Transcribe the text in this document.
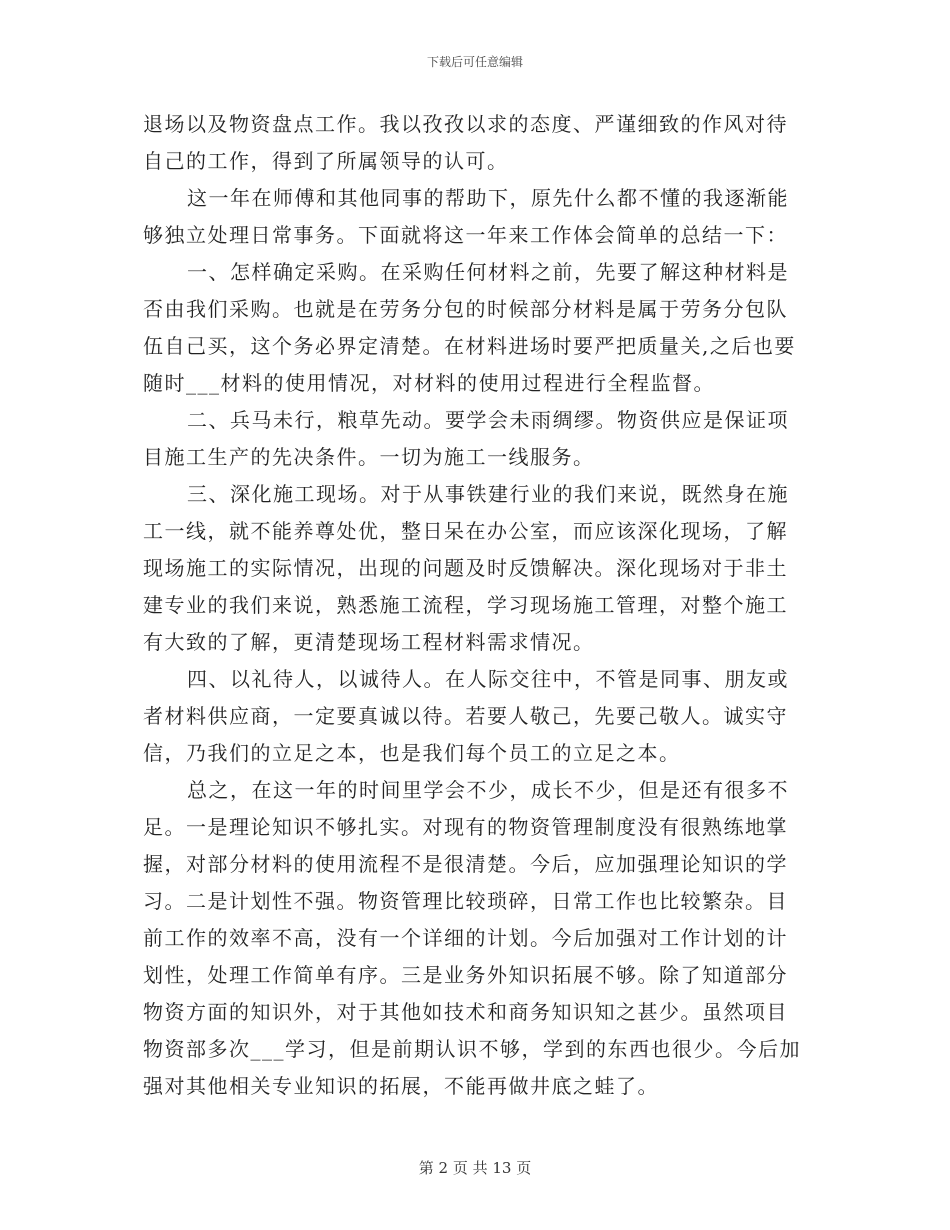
下载后可任意编辑
退场以及物资盘点工作。我以孜孜以求的态度、严谨细致的作风对待
自己的工作，得到了所属领导的认可。
这一年在师傅和其他同事的帮助下，原先什么都不懂的我逐渐能
够独立处理日常事务。下面就将这一年来工作体会简单的总结一下：
一、怎样确定采购。在采购任何材料之前，先要了解这种材料是
否由我们采购。也就是在劳务分包的时候部分材料是属于劳务分包队
伍自己买，这个务必界定清楚。在材料进场时要严把质量关,之后也要
随时___材料的使用情况，对材料的使用过程进行全程监督。
二、兵马未行，粮草先动。要学会未雨绸缪。物资供应是保证项
目施工生产的先决条件。一切为施工一线服务。
三、深化施工现场。对于从事铁建行业的我们来说，既然身在施
工一线，就不能养尊处优，整日呆在办公室，而应该深化现场，了解
现场施工的实际情况，出现的问题及时反馈解决。深化现场对于非土
建专业的我们来说，熟悉施工流程，学习现场施工管理，对整个施工
有大致的了解，更清楚现场工程材料需求情况。
四、以礼待人，以诚待人。在人际交往中，不管是同事、朋友或
者材料供应商，一定要真诚以待。若要人敬己，先要己敬人。诚实守
信，乃我们的立足之本，也是我们每个员工的立足之本。
总之，在这一年的时间里学会不少，成长不少，但是还有很多不
足。一是理论知识不够扎实。对现有的物资管理制度没有很熟练地掌
握，对部分材料的使用流程不是很清楚。今后，应加强理论知识的学
习。二是计划性不强。物资管理比较琐碎，日常工作也比较繁杂。目
前工作的效率不高，没有一个详细的计划。今后加强对工作计划的计
划性，处理工作简单有序。三是业务外知识拓展不够。除了知道部分
物资方面的知识外，对于其他如技术和商务知识知之甚少。虽然项目
物资部多次___学习，但是前期认识不够，学到的东西也很少。今后加
强对其他相关专业知识的拓展，不能再做井底之蛙了。
第 2 页 共 13 页
